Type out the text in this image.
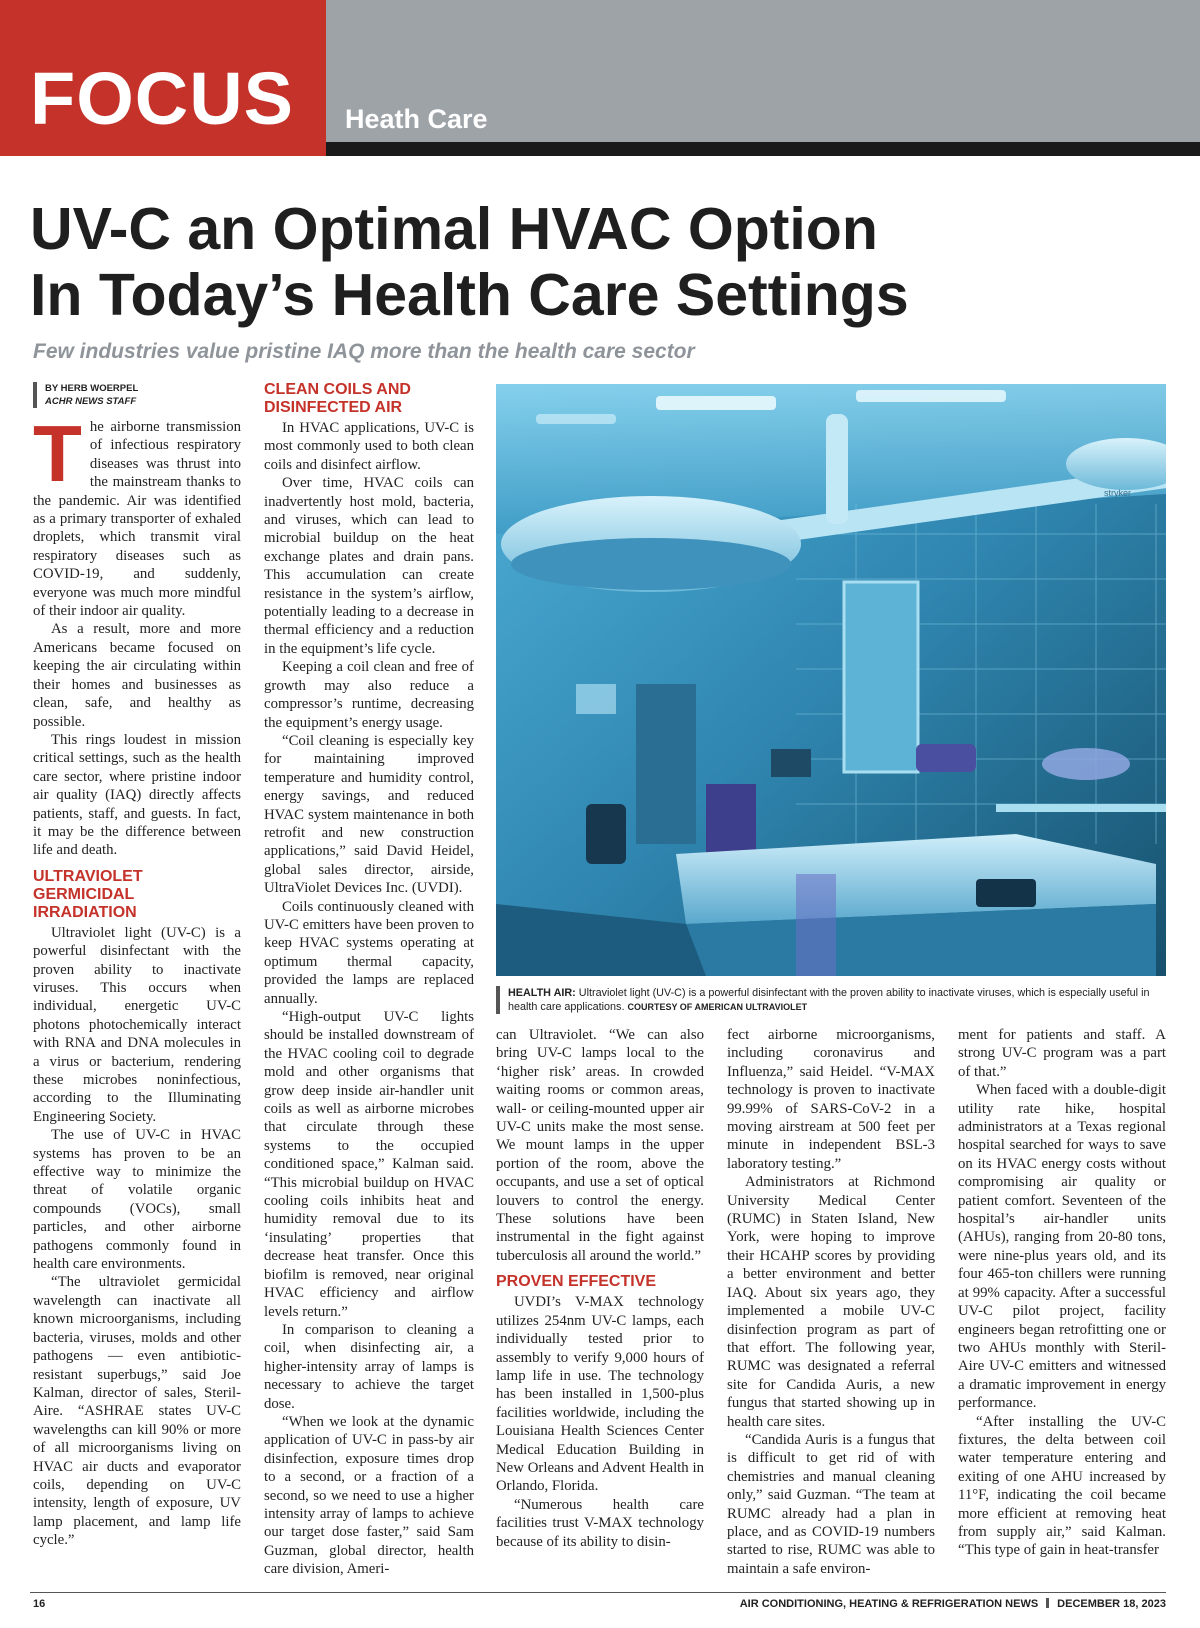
FOCUS Heath Care
UV-C an Optimal HVAC Option
In Today’s Health Care Settings
Few industries value pristine IAQ more than the health care sector
BY HERB WOERPEL
ACHR NEWS STAFF

The airborne transmission of infectious respiratory diseases was thrust into the mainstream thanks to the pandemic. Air was identified as a primary transporter of exhaled droplets, which transmit viral respiratory diseases such as COVID-19, and suddenly, everyone was much more mindful of their indoor air quality.

As a result, more and more Americans became focused on keeping the air circulating within their homes and businesses as clean, safe, and healthy as possible.

This rings loudest in mission critical settings, such as the health care sector, where pristine indoor air quality (IAQ) directly affects patients, staff, and guests. In fact, it may be the difference between life and death.

ULTRAVIOLET GERMICIDAL IRRADIATION

Ultraviolet light (UV-C) is a powerful disinfectant with the proven ability to inactivate viruses. This occurs when individual, energetic UV-C photons photochemically interact with RNA and DNA molecules in a virus or bacterium, rendering these microbes noninfectious, according to the Illuminating Engineering Society.

The use of UV-C in HVAC systems has proven to be an effective way to minimize the threat of volatile organic compounds (VOCs), small particles, and other airborne pathogens commonly found in health care environments.

“The ultraviolet germicidal wavelength can inactivate all known microorganisms, including bacteria, viruses, molds and other pathogens — even antibiotic-resistant superbugs,” said Joe Kalman, director of sales, Steril-Aire. “ASHRAE states UV-C wavelengths can kill 90% or more of all microorganisms living on HVAC air ducts and evaporator coils, depending on UV-C intensity, length of exposure, UV lamp placement, and lamp life cycle.”

CLEAN COILS AND DISINFECTED AIR

In HVAC applications, UV-C is most commonly used to both clean coils and disinfect airflow.

Over time, HVAC coils can inadvertently host mold, bacteria, and viruses, which can lead to microbial buildup on the heat exchange plates and drain pans. This accumulation can create resistance in the system’s airflow, potentially leading to a decrease in thermal efficiency and a reduction in the equipment’s life cycle.

Keeping a coil clean and free of growth may also reduce a compressor’s runtime, decreasing the equipment’s energy usage.

“Coil cleaning is especially key for maintaining improved temperature and humidity control, energy savings, and reduced HVAC system maintenance in both retrofit and new construction applications,” said David Heidel, global sales director, airside, UltraViolet Devices Inc. (UVDI).

Coils continuously cleaned with UV-C emitters have been proven to keep HVAC systems operating at optimum thermal capacity, provided the lamps are replaced annually.

“High-output UV-C lights should be installed downstream of the HVAC cooling coil to degrade mold and other organisms that grow deep inside air-handler unit coils as well as airborne microbes that circulate through these systems to the occupied conditioned space,” Kalman said. “This microbial buildup on HVAC cooling coils inhibits heat and humidity removal due to its ‘insulating’ properties that decrease heat transfer. Once this biofilm is removed, near original HVAC efficiency and airflow levels return.”

In comparison to cleaning a coil, when disinfecting air, a higher-intensity array of lamps is necessary to achieve the target dose.

“When we look at the dynamic application of UV-C in pass-by air disinfection, exposure times drop to a second, or a fraction of a second, so we need to use a higher intensity array of lamps to achieve our target dose faster,” said Sam Guzman, global director, health care division, Ameri-

stryker
HEALTH AIR: Ultraviolet light (UV-C) is a powerful disinfectant with the proven ability to inactivate viruses, which is especially useful in health care applications. COURTESY OF AMERICAN ULTRAVIOLET

can Ultraviolet. “We can also bring UV-C lamps local to the ‘higher risk’ areas. In crowded waiting rooms or common areas, wall- or ceiling-mounted upper air UV-C units make the most sense. We mount lamps in the upper portion of the room, above the occupants, and use a set of optical louvers to control the energy. These solutions have been instrumental in the fight against tuberculosis all around the world.”

PROVEN EFFECTIVE

UVDI’s V-MAX technology utilizes 254nm UV-C lamps, each individually tested prior to assembly to verify 9,000 hours of lamp life in use. The technology has been installed in 1,500-plus facilities worldwide, including the Louisiana Health Sciences Center Medical Education Building in New Orleans and Advent Health in Orlando, Florida.

“Numerous health care facilities trust V-MAX technology because of its ability to disin-

fect airborne microorganisms, including coronavirus and Influenza,” said Heidel. “V-MAX technology is proven to inactivate 99.99% of SARS-CoV-2 in a moving airstream at 500 feet per minute in independent BSL-3 laboratory testing.”

Administrators at Richmond University Medical Center (RUMC) in Staten Island, New York, were hoping to improve their HCAHP scores by providing a better environment and better IAQ. About six years ago, they implemented a mobile UV-C disinfection program as part of that effort. The following year, RUMC was designated a referral site for Candida Auris, a new fungus that started showing up in health care sites.

“Candida Auris is a fungus that is difficult to get rid of with chemistries and manual cleaning only,” said Guzman. “The team at RUMC already had a plan in place, and as COVID-19 numbers started to rise, RUMC was able to maintain a safe environ-

ment for patients and staff. A strong UV-C program was a part of that.”

When faced with a double-digit utility rate hike, hospital administrators at a Texas regional hospital searched for ways to save on its HVAC energy costs without compromising air quality or patient comfort. Seventeen of the hospital’s air-handler units (AHUs), ranging from 20-80 tons, were nine-plus years old, and its four 465-ton chillers were running at 99% capacity. After a successful UV-C pilot project, facility engineers began retrofitting one or two AHUs monthly with Steril-Aire UV-C emitters and witnessed a dramatic improvement in energy performance.

“After installing the UV-C fixtures, the delta between coil water temperature entering and exiting of one AHU increased by 11°F, indicating the coil became more efficient at removing heat from supply air,” said Kalman. “This type of gain in heat-transfer

16	AIR CONDITIONING, HEATING & REFRIGERATION NEWS DECEMBER 18, 2023
